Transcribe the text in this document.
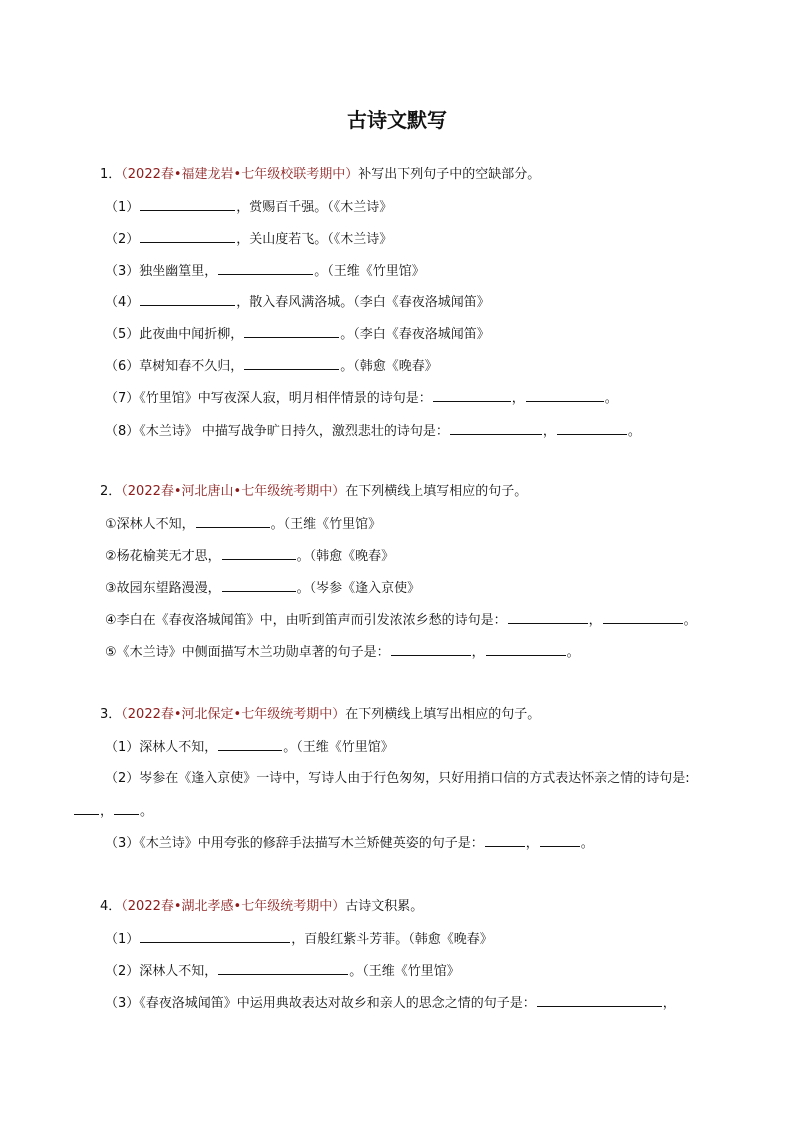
古诗文默写
1．（2022春•福建龙岩•七年级校联考期中）补写出下列句子中的空缺部分。
（1）	，赏赐百千强。（《木兰诗》
（2）	，关山度若飞。（《木兰诗》
（3）独坐幽篁里，	。（王维《竹里馆》
（4）	，散入春风满洛城。（李白《春夜洛城闻笛》
（5）此夜曲中闻折柳，	。（李白《春夜洛城闻笛》
（6）草树知春不久归，	。（韩愈《晚春》
（7）《竹里馆》中写夜深人寂，明月相伴情景的诗句是：	，	。
（8）《木兰诗》 中描写战争旷日持久，激烈悲壮的诗句是：	，	。
2．（2022春•河北唐山•七年级统考期中）在下列横线上填写相应的句子。
①深林人不知，	。（王维《竹里馆》
②杨花榆荚无才思，	。（韩愈《晚春》
③故园东望路漫漫，	。（岑参《逢入京使》
④李白在《春夜洛城闻笛》中，由听到笛声而引发浓浓乡愁的诗句是：	，	。
⑤《木兰诗》中侧面描写木兰功勋卓著的句子是：	，	。
3．（2022春•河北保定•七年级统考期中）在下列横线上填写出相应的句子。
（1）深林人不知，	。（王维《竹里馆》
（2）岑参在《逢入京使》一诗中，写诗人由于行色匆匆，只好用捎口信的方式表达怀亲之情的诗句是:
， 。
（3）《木兰诗》中用夸张的修辞手法描写木兰矫健英姿的句子是：	，	。
4．（2022春•湖北孝感•七年级统考期中）古诗文积累。
（1）	，百般红紫斗芳菲。（韩愈《晚春》
（2）深林人不知，	。（王维《竹里馆》
（3）《春夜洛城闻笛》中运用典故表达对故乡和亲人的思念之情的句子是：	，
